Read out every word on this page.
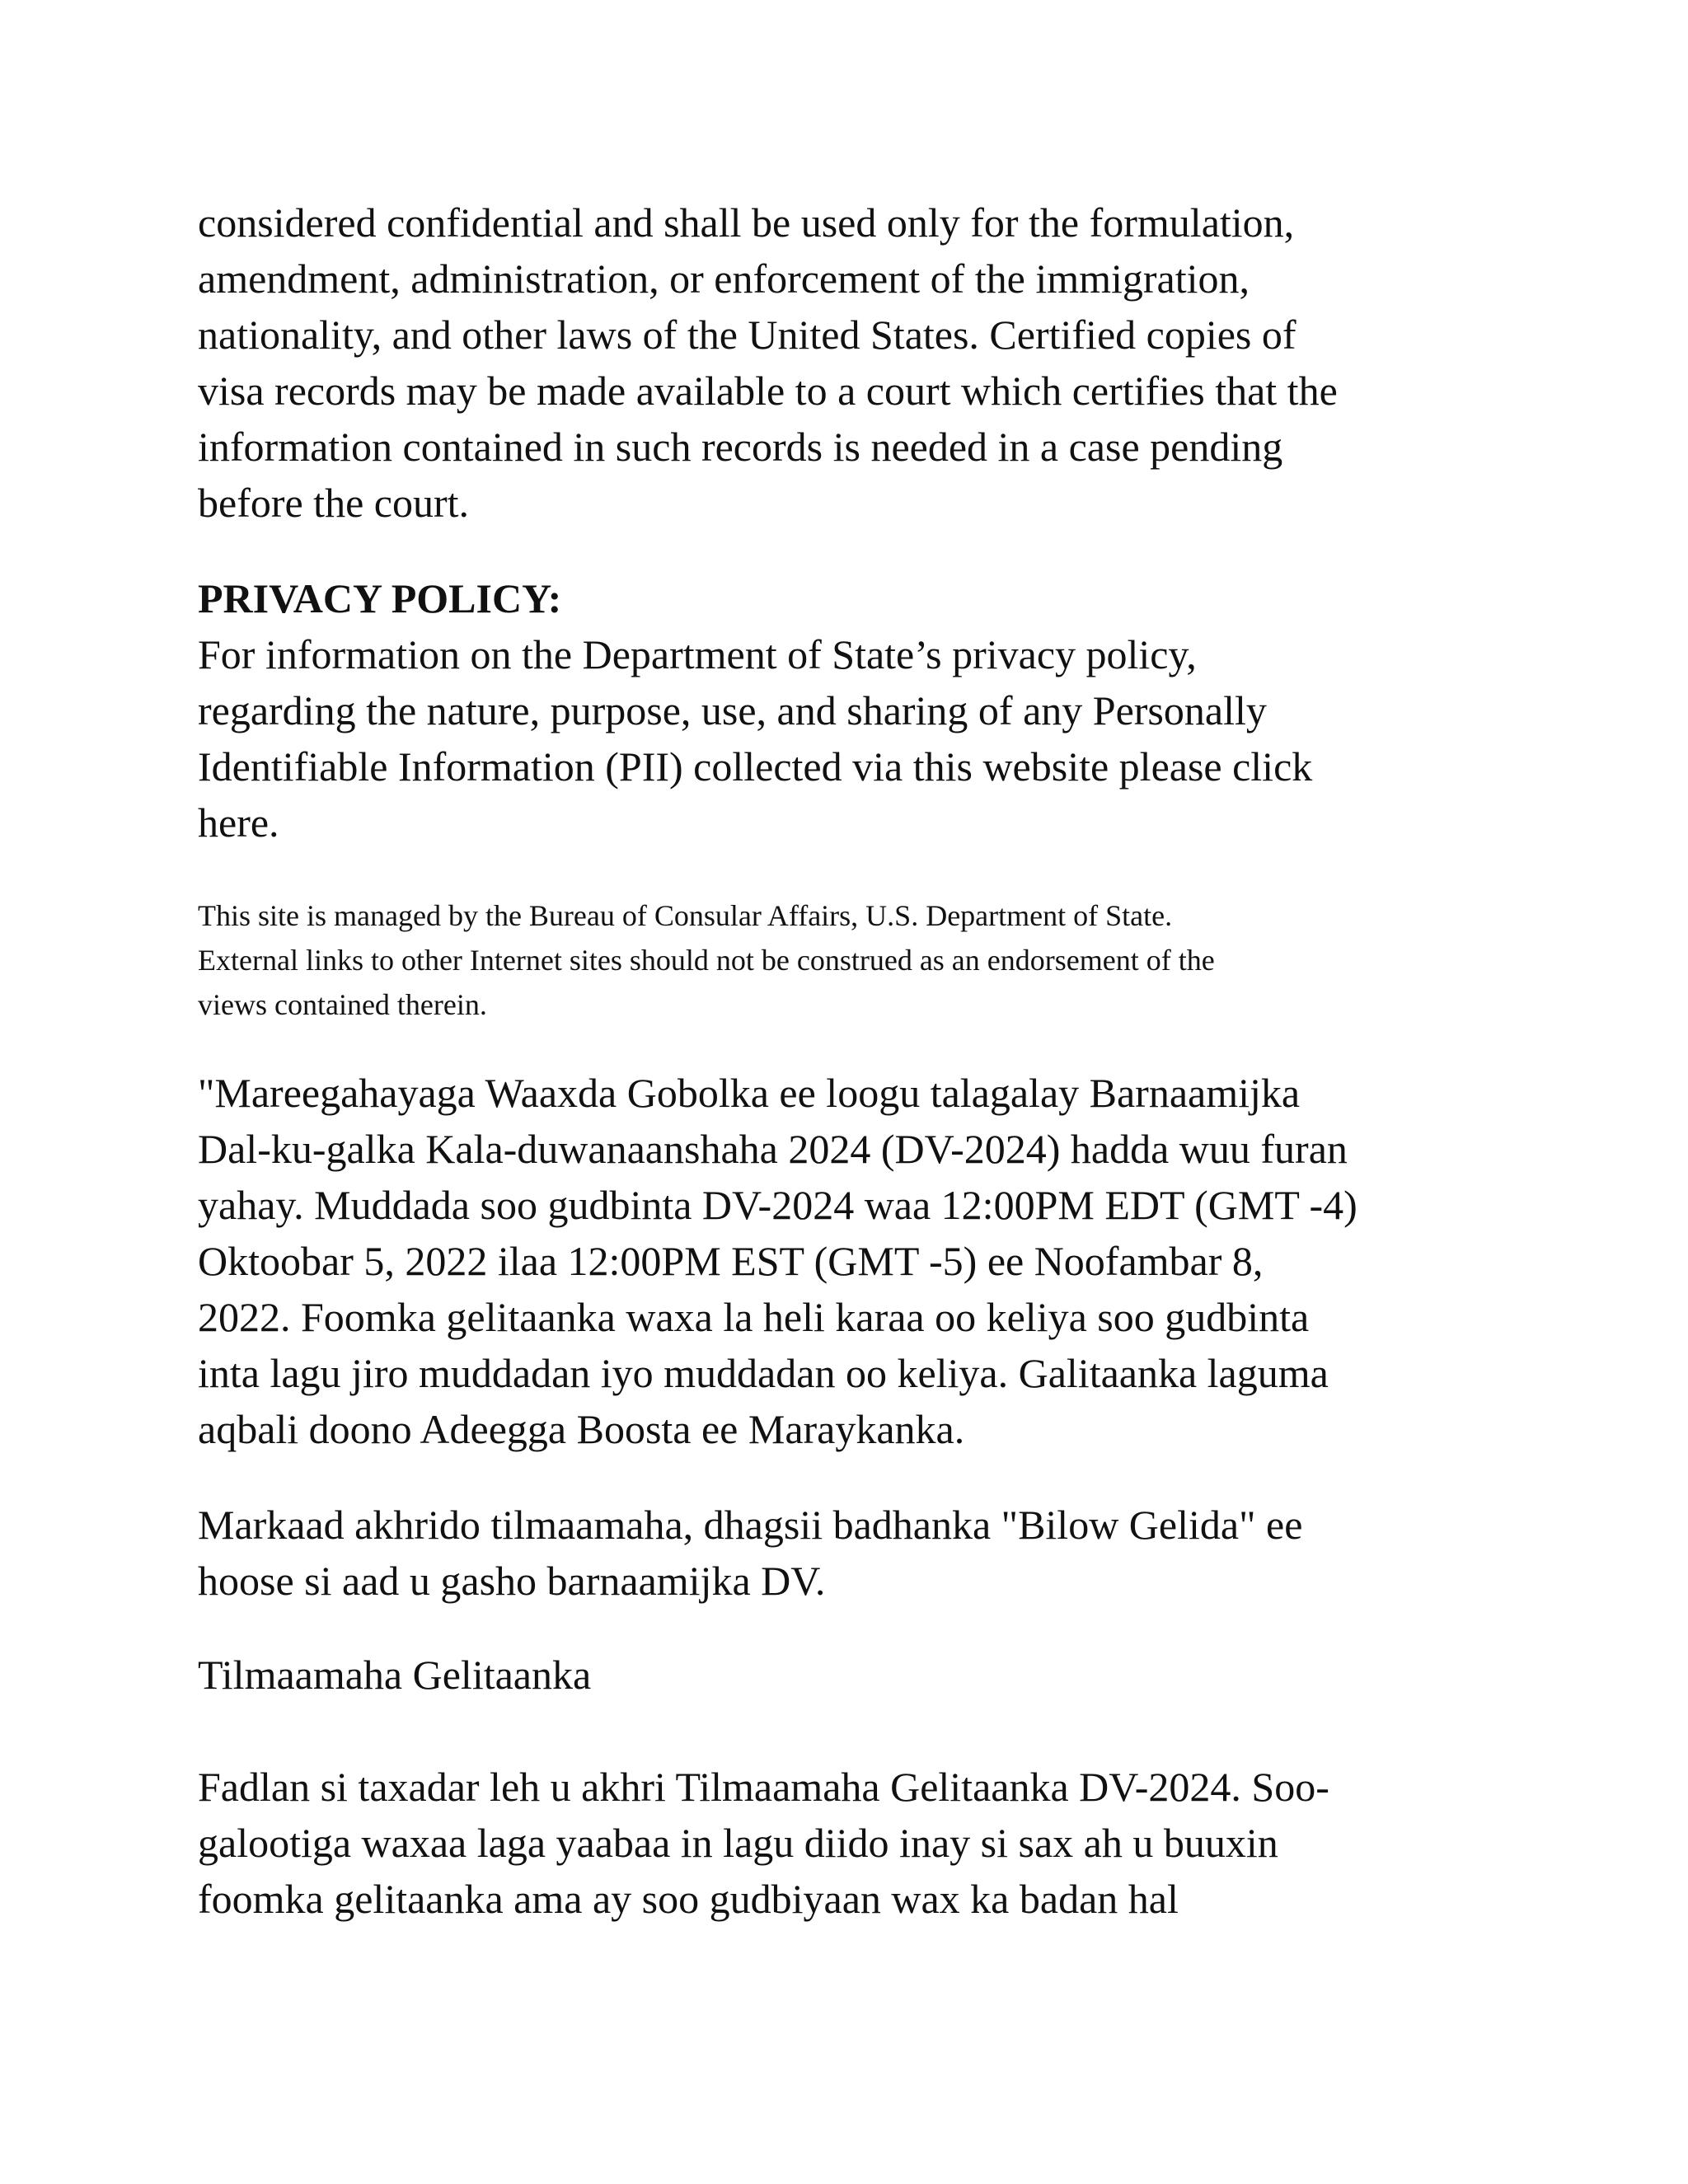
considered confidential and shall be used only for the formulation,
amendment, administration, or enforcement of the immigration,
nationality, and other laws of the United States. Certified copies of
visa records may be made available to a court which certifies that the
information contained in such records is needed in a case pending
before the court.
PRIVACY POLICY:
For information on the Department of State’s privacy policy,
regarding the nature, purpose, use, and sharing of any Personally
Identifiable Information (PII) collected via this website please click
here.
This site is managed by the Bureau of Consular Affairs, U.S. Department of State.
External links to other Internet sites should not be construed as an endorsement of the
views contained therein.
"Mareegahayaga Waaxda Gobolka ee loogu talagalay Barnaamijka
Dal-ku-galka Kala-duwanaanshaha 2024 (DV-2024) hadda wuu furan
yahay. Muddada soo gudbinta DV-2024 waa 12:00PM EDT (GMT -4)
Oktoobar 5, 2022 ilaa 12:00PM EST (GMT -5) ee Noofambar 8,
2022. Foomka gelitaanka waxa la heli karaa oo keliya soo gudbinta
inta lagu jiro muddadan iyo muddadan oo keliya. Galitaanka laguma
aqbali doono Adeegga Boosta ee Maraykanka.
Markaad akhrido tilmaamaha, dhagsii badhanka "Bilow Gelida" ee
hoose si aad u gasho barnaamijka DV.
Tilmaamaha Gelitaanka
Fadlan si taxadar leh u akhri Tilmaamaha Gelitaanka DV-2024. Soo-
galootiga waxaa laga yaabaa in lagu diido inay si sax ah u buuxin
foomka gelitaanka ama ay soo gudbiyaan wax ka badan hal
